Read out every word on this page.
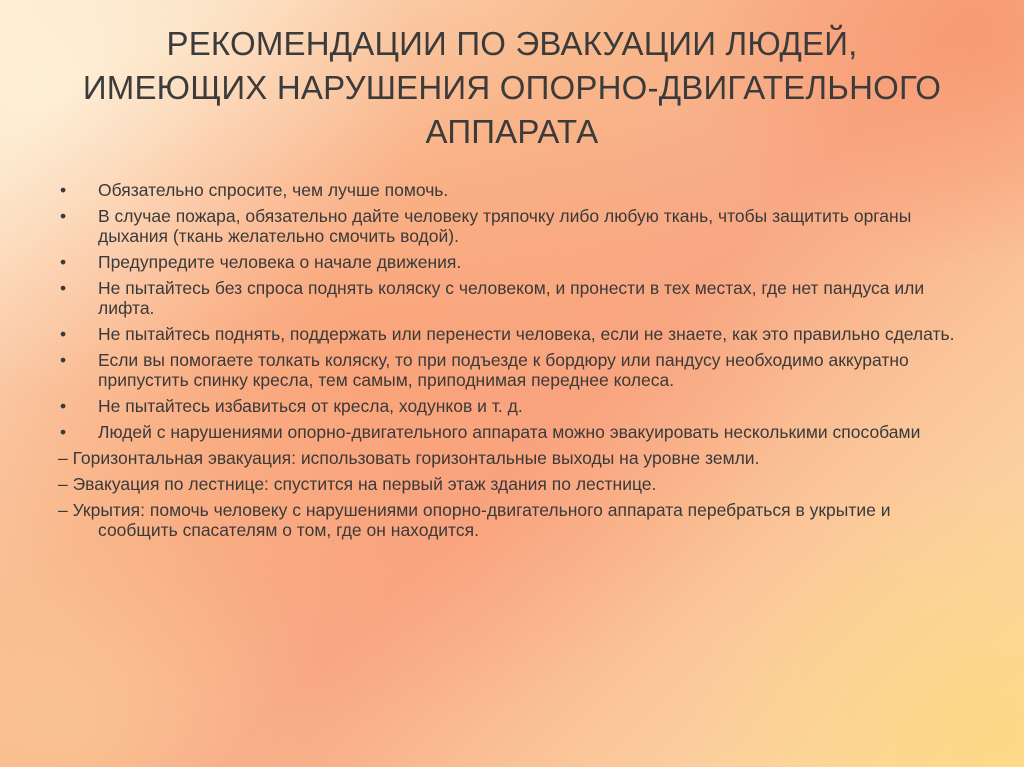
РЕКОМЕНДАЦИИ ПО ЭВАКУАЦИИ ЛЮДЕЙ,
ИМЕЮЩИХ НАРУШЕНИЯ ОПОРНО-ДВИГАТЕЛЬНОГО
АППАРАТА
• Обязательно спросите, чем лучше помочь.
• В случае пожара, обязательно дайте человеку тряпочку либо любую ткань, чтобы защитить органы дыхания (ткань желательно смочить водой).
• Предупредите человека о начале движения.
• Не пытайтесь без спроса поднять коляску с человеком, и пронести в тех местах, где нет пандуса или лифта.
• Не пытайтесь поднять, поддержать или перенести человека, если не знаете, как это правильно сделать.
• Если вы помогаете толкать коляску, то при подъезде к бордюру или пандусу необходимо аккуратно припустить спинку кресла, тем самым, приподнимая переднее колеса.
• Не пытайтесь избавиться от кресла, ходунков и т. д.
• Людей с нарушениями опорно-двигательного аппарата можно эвакуировать несколькими способами
– Горизонтальная эвакуация: использовать горизонтальные выходы на уровне земли.
– Эвакуация по лестнице: спустится на первый этаж здания по лестнице.
– Укрытия: помочь человеку с нарушениями опорно-двигательного аппарата перебраться в укрытие и сообщить спасателям о том, где он находится.
